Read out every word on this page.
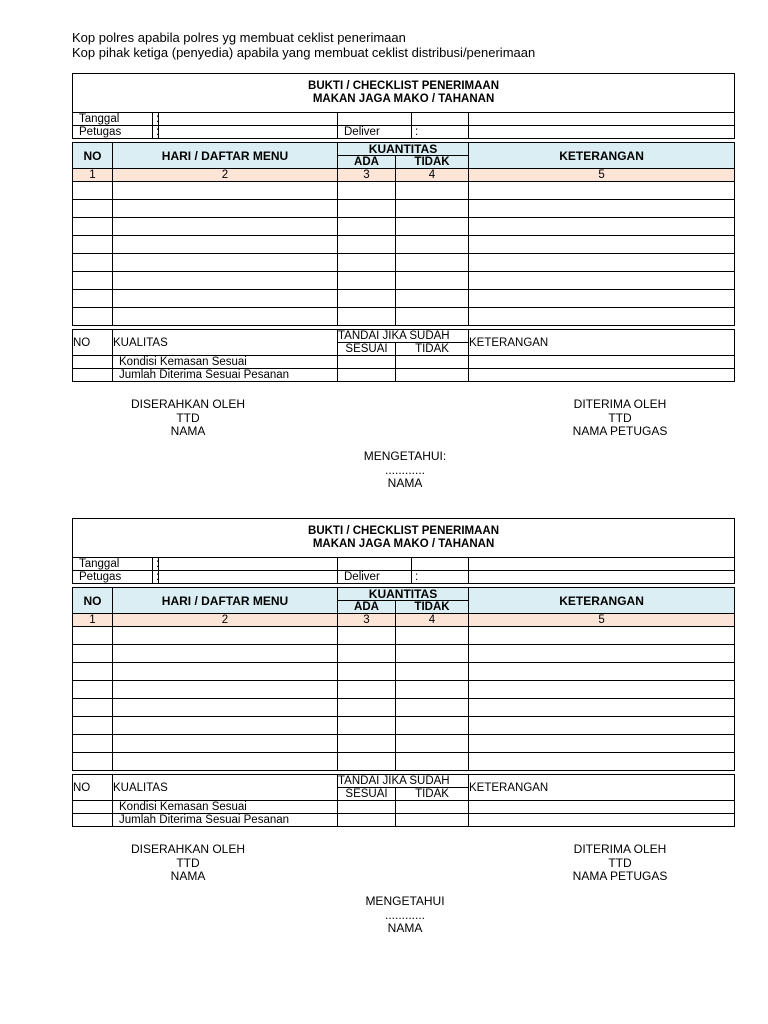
Kop polres apabila polres yg membuat ceklist penerimaan
Kop pihak ketiga (penyedia) apabila yang membuat ceklist distribusi/penerimaan
BUKTI / CHECKLIST PENERIMAAN
MAKAN JAGA MAKO / TAHANAN							

Tanggal		:					
Petugas		:		Deliver		:	

NO	HARI / DAFTAR MENU			KUANTITAS			KETERANGAN
				ADA	TIDAK		
1	2			3	4		5

NO	KUALITAS			TANDAI JIKA SUDAH			KETERANGAN
				SESUAI	TIDAK		
	Kondisi Kemasan Sesuai						
	Jumlah Diterima Sesuai Pesanan						
DISERAHKAN OLEH
TTD
NAMA
DITERIMA OLEH
TTD
NAMA PETUGAS
MENGETAHUI:
............
NAMA
BUKTI / CHECKLIST PENERIMAAN
MAKAN JAGA MAKO / TAHANAN							

Tanggal		:					
Petugas		:		Deliver		:	

NO	HARI / DAFTAR MENU			KUANTITAS			KETERANGAN
				ADA	TIDAK		
1	2			3	4		5

NO	KUALITAS			TANDAI JIKA SUDAH			KETERANGAN
				SESUAI	TIDAK		
	Kondisi Kemasan Sesuai						
	Jumlah Diterima Sesuai Pesanan						
DISERAHKAN OLEH
TTD
NAMA
DITERIMA OLEH
TTD
NAMA PETUGAS
MENGETAHUI
............
NAMA
